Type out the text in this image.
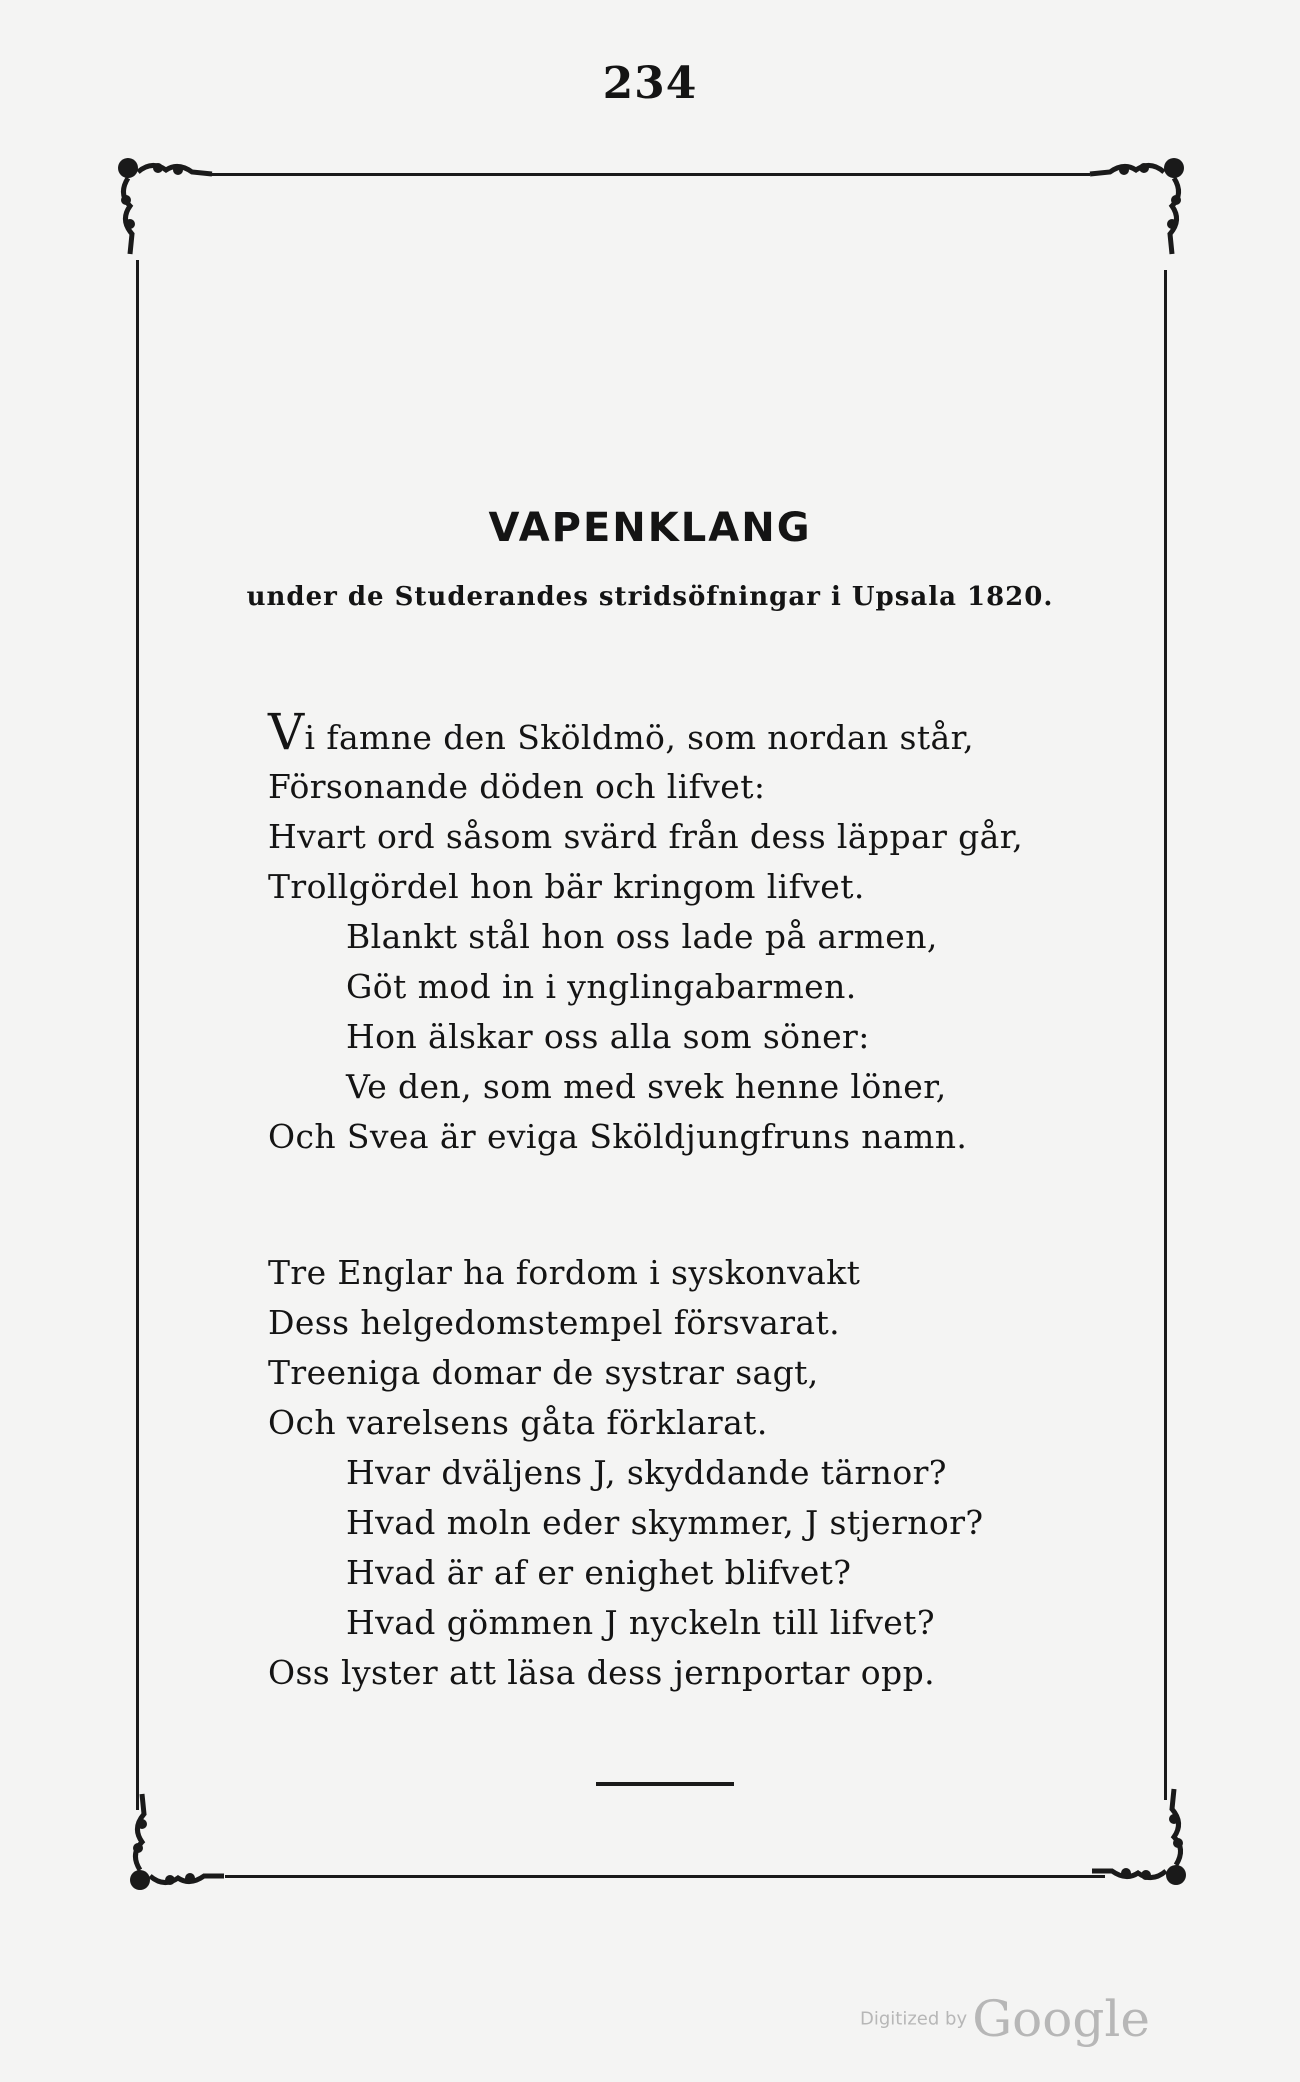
234
VAPENKLANG
under de Studerandes stridsöfningar i Upsala 1820.
Vi famne den Sköldmö, som nordan står,
Försonande döden och lifvet:
Hvart ord såsom svärd från dess läppar går,
Trollgördel hon bär kringom lifvet.
Blankt stål hon oss lade på armen,
Göt mod in i ynglingabarmen.
Hon älskar oss alla som söner:
Ve den, som med svek henne löner,
Och Svea är eviga Sköldjungfruns namn.
Tre Englar ha fordom i syskonvakt
Dess helgedomstempel försvarat.
Treeniga domar de systrar sagt,
Och varelsens gåta förklarat.
Hvar dväljens J, skyddande tärnor?
Hvad moln eder skymmer, J stjernor?
Hvad är af er enighet blifvet?
Hvad gömmen J nyckeln till lifvet?
Oss lyster att läsa dess jernportar opp.
Digitized by Google
